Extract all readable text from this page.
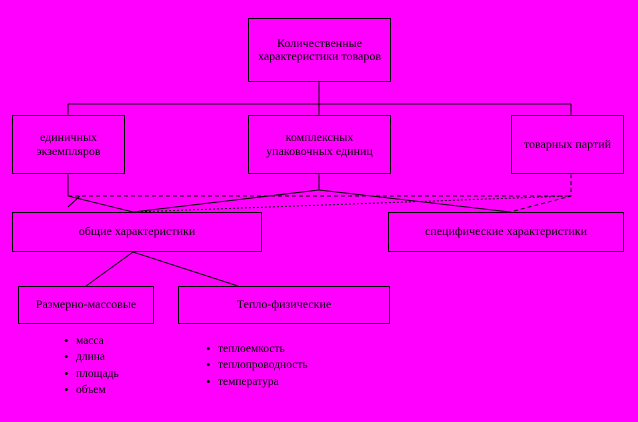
Количественные характеристики товаров
единичных экземпляров
комплексных упаковочных единиц	товарных партий
общие характеристики	специфические характеристики
Размерно-массовые	Тепло-физические
• масса
• длина
• площадь
• объем
• теплоемкость
• теплопроводность
• температура
